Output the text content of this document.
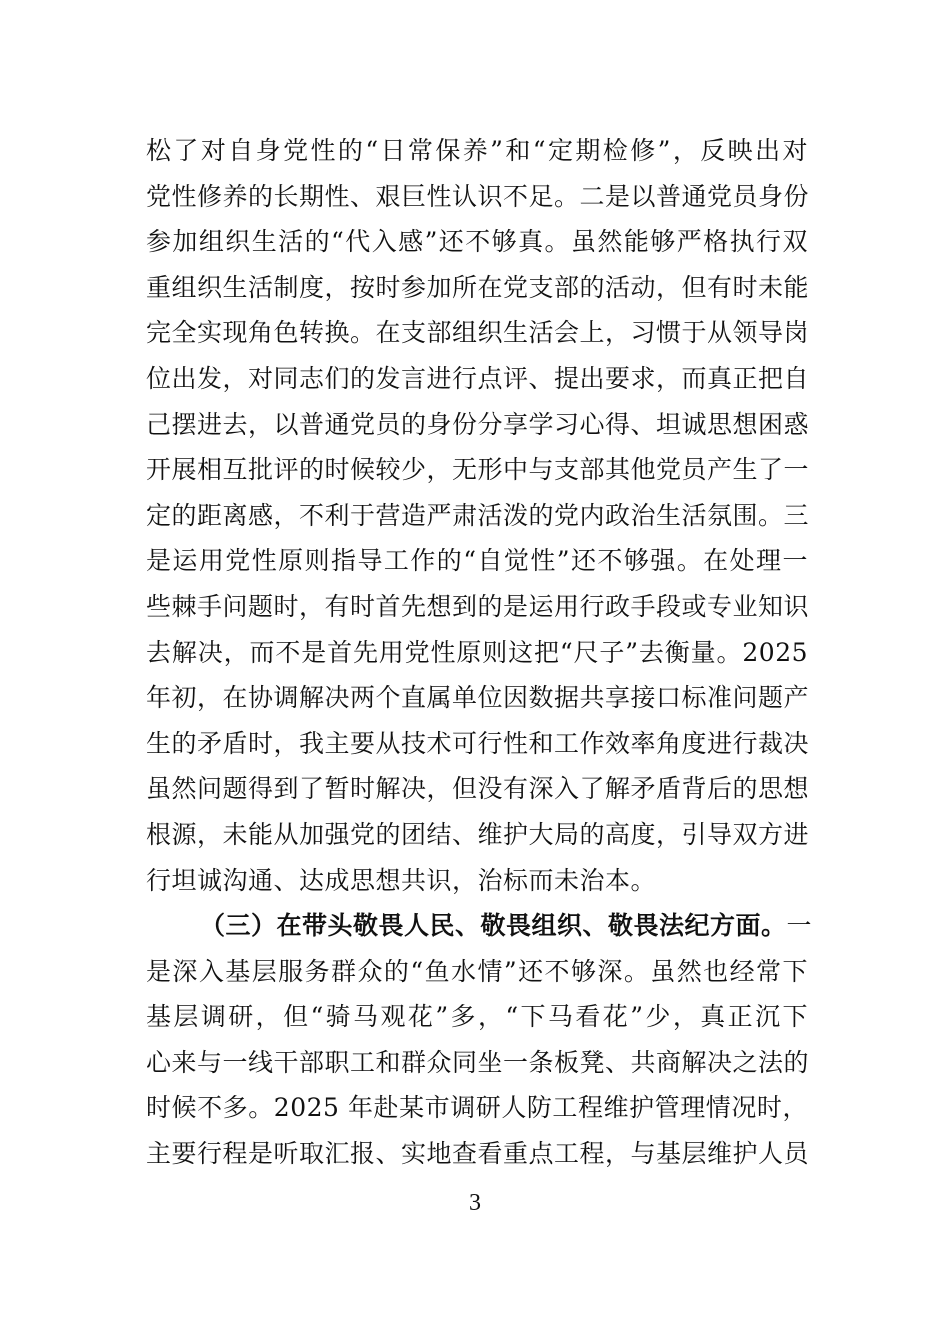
松了对自身党性的“日常保养”和“定期检修”，反映出对
党性修养的长期性、艰巨性认识不足。二是以普通党员身份
参加组织生活的“代入感”还不够真。虽然能够严格执行双
重组织生活制度，按时参加所在党支部的活动，但有时未能
完全实现角色转换。在支部组织生活会上，习惯于从领导岗
位出发，对同志们的发言进行点评、提出要求，而真正把自
己摆进去，以普通党员的身份分享学习心得、坦诚思想困惑
开展相互批评的时候较少，无形中与支部其他党员产生了一
定的距离感，不利于营造严肃活泼的党内政治生活氛围。三
是运用党性原则指导工作的“自觉性”还不够强。在处理一
些棘手问题时，有时首先想到的是运用行政手段或专业知识
去解决，而不是首先用党性原则这把“尺子”去衡量。2025
年初，在协调解决两个直属单位因数据共享接口标准问题产
生的矛盾时，我主要从技术可行性和工作效率角度进行裁决
虽然问题得到了暂时解决，但没有深入了解矛盾背后的思想
根源，未能从加强党的团结、维护大局的高度，引导双方进
行坦诚沟通、达成思想共识，治标而未治本。
（三）在带头敬畏人民、敬畏组织、敬畏法纪方面。一
是深入基层服务群众的“鱼水情”还不够深。虽然也经常下
基层调研，但“骑马观花”多，“下马看花”少，真正沉下
心来与一线干部职工和群众同坐一条板凳、共商解决之法的
时候不多。2025 年赴某市调研人防工程维护管理情况时，
主要行程是听取汇报、实地查看重点工程，与基层维护人员
3
